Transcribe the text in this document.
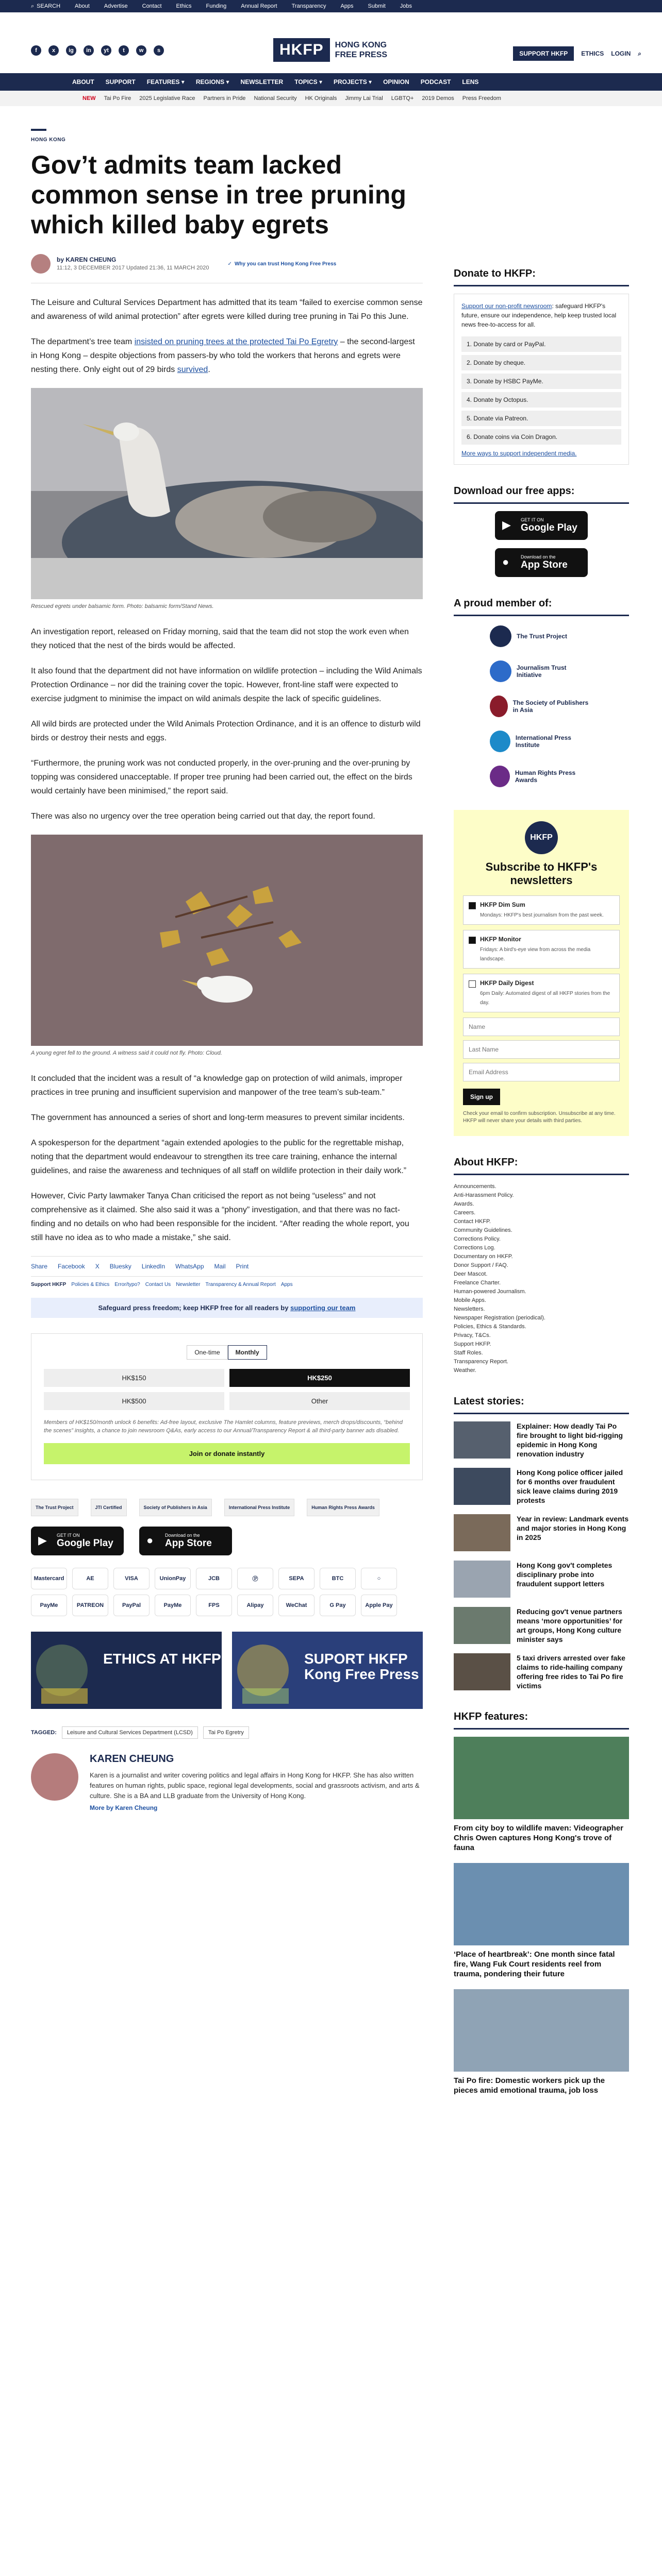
⌕ SEARCH	About	Advertise	Contact	Ethics	Funding	Annual Report	Transparency	Apps	Submit	Jobs
f	x	ig	in	yt	t	w	s	HKFP	HONG KONG
FREE PRESS	SUPPORT HKFP	ETHICS LOGIN ⌕
ABOUT SUPPORT FEATURES ▾ REGIONS ▾ NEWSLETTER TOPICS ▾ PROJECTS ▾ OPINION PODCAST LENS
NEW Tai Po Fire 2025 Legislative Race Partners in Pride National Security HK Originals Jimmy Lai Trial LGBTQ+ 2019 Demos Press Freedom
HONG KONG
Gov’t admits team lacked common sense in tree pruning which killed baby egrets
by KAREN CHEUNG
11:12, 3 DECEMBER 2017 Updated 21:36, 11 MARCH 2020
✓ Why you can trust Hong Kong Free Press

The Leisure and Cultural Services Department has admitted that its team “failed to exercise common sense and awareness of wild animal protection” after egrets were killed during tree pruning in Tai Po this June.

The department’s tree team insisted on pruning trees at the protected Tai Po Egretry – the second-largest in Hong Kong – despite objections from passers-by who told the workers that herons and egrets were nesting there. Only eight out of 29 birds survived.

Rescued egrets under balsamic form. Photo: balsamic form/Stand News.

An investigation report, released on Friday morning, said that the team did not stop the work even when they noticed that the nest of the birds would be affected.

It also found that the department did not have information on wildlife protection – including the Wild Animals Protection Ordinance – nor did the training cover the topic. However, front-line staff were expected to exercise judgment to minimise the impact on wild animals despite the lack of specific guidelines.

All wild birds are protected under the Wild Animals Protection Ordinance, and it is an offence to disturb wild birds or destroy their nests and eggs.

“Furthermore, the pruning work was not conducted properly, in the over-pruning and the over-pruning by topping was considered unacceptable. If proper tree pruning had been carried out, the effect on the birds would certainly have been minimised,” the report said.

There was also no urgency over the tree operation being carried out that day, the report found.

A young egret fell to the ground. A witness said it could not fly. Photo: Cloud.

It concluded that the incident was a result of “a knowledge gap on protection of wild animals, improper practices in tree pruning and insufficient supervision and manpower of the tree team’s sub-team.”

The government has announced a series of short and long-term measures to prevent similar incidents.

A spokesperson for the department “again extended apologies to the public for the regrettable mishap, noting that the department would endeavour to strengthen its tree care training, enhance the internal guidelines, and raise the awareness and techniques of all staff on wildlife protection in their daily work.”

However, Civic Party lawmaker Tanya Chan criticised the report as not being “useless” and not comprehensive as it claimed. She also said it was a “phony” investigation, and that there was no fact-finding and no details on who had been responsible for the incident. “After reading the whole report, you still have no idea as to who made a mistake,” she said.

Share Facebook X Bluesky LinkedIn WhatsApp Mail Print
Support HKFP Policies & Ethics Error/typo? Contact Us Newsletter Transparency & Annual Report Apps
Safeguard press freedom; keep HKFP free for all readers by supporting our team
One-time	Monthly
HK$150	HK$250
HK$500	Other
Members of HK$150/month unlock 6 benefits: Ad-free layout, exclusive The Hamlet columns, feature previews, merch drops/discounts, “behind the scenes” insights, a chance to join newsroom Q&As, early access to our Annual/Transparency Report & all third-party banner ads disabled.
Join or donate instantly
The Trust Project	JTI Certified	Society of Publishers in Asia	International Press Institute	Human Rights Press Awards
▶	GET IT ON
Google Play	●	Download on the
App Store
Mastercard	AE	VISA	UnionPay	JCB	Ⓟ	SEPA	BTC	○
PayMe	PATREON	PayPal	PayMe	FPS	Alipay	WeChat	G Pay	Apple Pay
ETHICS AT HKFP	SUPORT HKFP Kong Free Press
TAGGED:	Leisure and Cultural Services Department (LCSD)	Tai Po Egretry
KAREN CHEUNG

Karen is a journalist and writer covering politics and legal affairs in Hong Kong for HKFP. She has also written features on human rights, public space, regional legal developments, social and grassroots activism, and arts & culture. She is a BA and LLB graduate from the University of Hong Kong.

More by Karen Cheung
Donate to HKFP:
Support our non-profit newsroom: safeguard HKFP's future, ensure our independence, help keep trusted local news free-to-access for all.
1. Donate by card or PayPal.
2. Donate by cheque.
3. Donate by HSBC PayMe.
4. Donate by Octopus.
5. Donate via Patreon.
6. Donate coins via Coin Dragon.
More ways to support independent media.
Download our free apps:
▶	GET IT ON
Google Play
●	Download on the
App Store
A proud member of:
The Trust Project
Journalism Trust Initiative
The Society of Publishers in Asia
International Press Institute
Human Rights Press Awards
HKFP
Subscribe to HKFP's newsletters
HKFP Dim Sum
Mondays: HKFP's best journalism from the past week.
HKFP Monitor
Fridays: A bird's-eye view from across the media landscape.
HKFP Daily Digest
6pm Daily: Automated digest of all HKFP stories from the day.
Name Last Name Email Address Sign up
Check your email to confirm subscription. Unsubscribe at any time. HKFP will never share your details with third parties.
About HKFP:
Announcements.
Anti-Harassment Policy.
Awards.
Careers.
Contact HKFP.
Community Guidelines.
Corrections Policy.
Corrections Log.
Documentary on HKFP.
Donor Support / FAQ.
Deer Mascot.
Freelance Charter.
Human-powered Journalism.
Mobile Apps.
Newsletters.
Newspaper Registration (periodical).
Policies, Ethics & Standards.
Privacy, T&Cs.
Support HKFP.
Staff Roles.
Transparency Report.
Weather.
Latest stories:
Explainer: How deadly Tai Po fire brought to light bid-rigging epidemic in Hong Kong renovation industry
Hong Kong police officer jailed for 6 months over fraudulent sick leave claims during 2019 protests
Year in review: Landmark events and major stories in Hong Kong in 2025
Hong Kong gov't completes disciplinary probe into fraudulent support letters
Reducing gov't venue partners means ‘more opportunities’ for art groups, Hong Kong culture minister says
5 taxi drivers arrested over fake claims to ride-hailing company offering free rides to Tai Po fire victims
HKFP features:
From city boy to wildlife maven: Videographer Chris Owen captures Hong Kong's trove of fauna
‘Place of heartbreak’: One month since fatal fire, Wang Fuk Court residents reel from trauma, pondering their future
Tai Po fire: Domestic workers pick up the pieces amid emotional trauma, job loss
